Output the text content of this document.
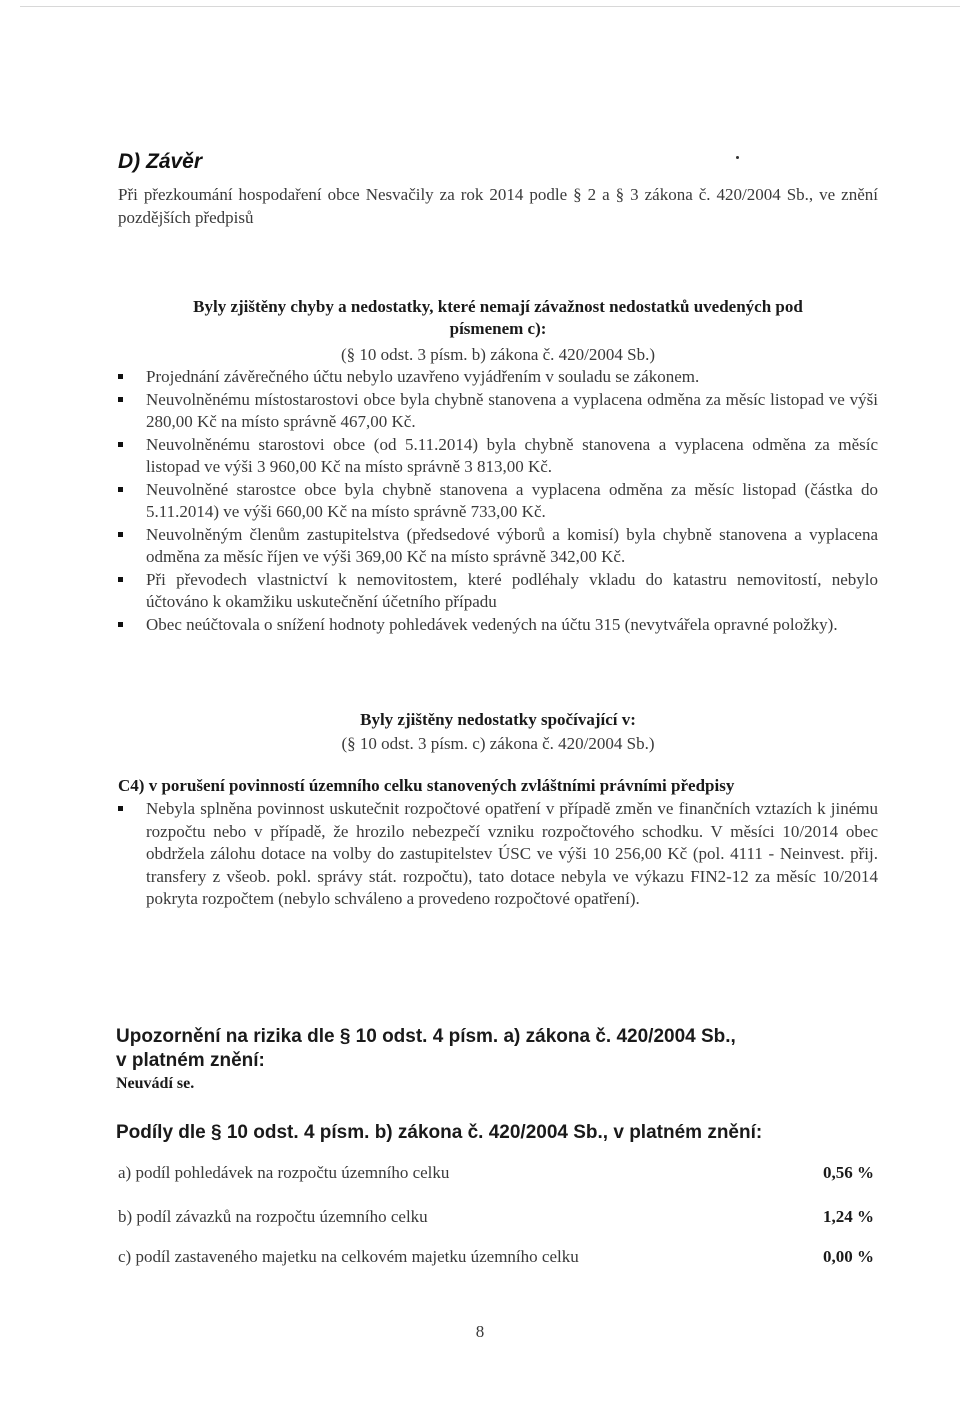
D) Závěr
Při přezkoumání hospodaření obce Nesvačily za rok 2014 podle § 2 a § 3 zákona č. 420/2004 Sb., ve znění pozdějších předpisů
Byly zjištěny chyby a nedostatky, které nemají závažnost nedostatků uvedených pod
písmenem c):
(§ 10 odst. 3 písm. b) zákona č. 420/2004 Sb.)
Projednání závěrečného účtu nebylo uzavřeno vyjádřením v souladu se zákonem.
Neuvolněnému místostarostovi obce byla chybně stanovena a vyplacena odměna za měsíc listopad ve výši 280,00 Kč na místo správně 467,00 Kč.
Neuvolněnému starostovi obce (od 5.11.2014) byla chybně stanovena a vyplacena odměna za měsíc listopad ve výši 3 960,00 Kč na místo správně 3 813,00 Kč.
Neuvolněné starostce obce byla chybně stanovena a vyplacena odměna za měsíc listopad (částka do 5.11.2014) ve výši 660,00 Kč na místo správně 733,00 Kč.
Neuvolněným členům zastupitelstva (předsedové výborů a komisí) byla chybně stanovena a vyplacena odměna za měsíc říjen ve výši 369,00 Kč na místo správně 342,00 Kč.
Při převodech vlastnictví k nemovitostem, které podléhaly vkladu do katastru nemovitostí, nebylo účtováno k okamžiku uskutečnění účetního případu
Obec neúčtovala o snížení hodnoty pohledávek vedených na účtu 315 (nevytvářela opravné položky).
Byly zjištěny nedostatky spočívající v:
(§ 10 odst. 3 písm. c) zákona č. 420/2004 Sb.)
C4) v porušení povinností územního celku stanovených zvláštními právními předpisy
Nebyla splněna povinnost uskutečnit rozpočtové opatření v případě změn ve finančních vztazích k jinému rozpočtu nebo v případě, že hrozilo nebezpečí vzniku rozpočtového schodku. V měsíci 10/2014 obec obdržela zálohu dotace na volby do zastupitelstev ÚSC ve výši 10 256,00 Kč (pol. 4111 - Neinvest. přij. transfery z všeob. pokl. správy stát. rozpočtu), tato dotace nebyla ve výkazu FIN2-12 za měsíc 10/2014 pokryta rozpočtem (nebylo schváleno a provedeno rozpočtové opatření).
Upozornění na rizika dle § 10 odst. 4 písm. a) zákona č. 420/2004 Sb.,
v platném znění:
Neuvádí se.
Podíly dle § 10 odst. 4 písm. b) zákona č. 420/2004 Sb., v platném znění:
a) podíl pohledávek na rozpočtu územního celku	0,56 %
b) podíl závazků na rozpočtu územního celku	1,24 %
c) podíl zastaveného majetku na celkovém majetku územního celku	0,00 %
8
